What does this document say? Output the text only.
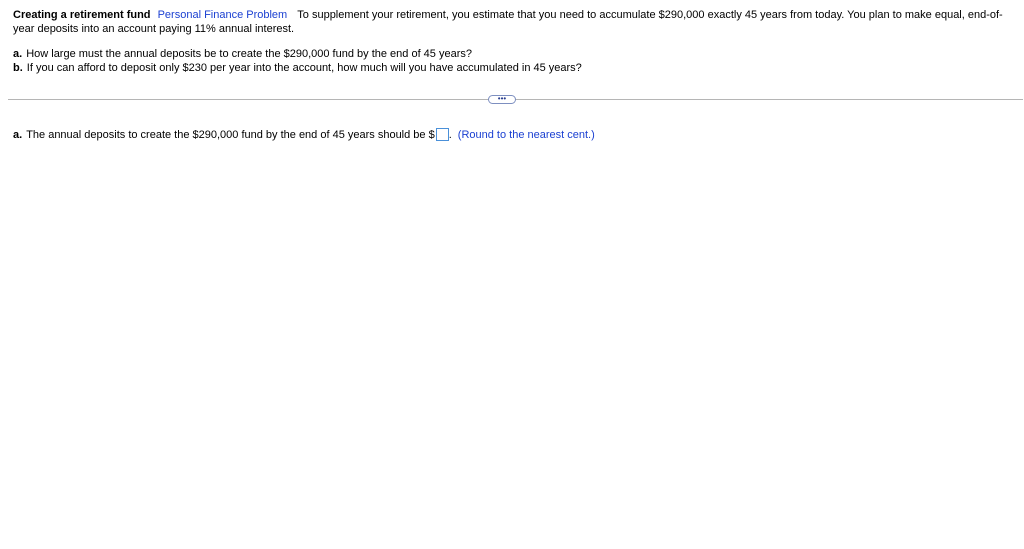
Creating a retirement fund Personal Finance Problem To supplement your retirement, you estimate that you need to accumulate $290,000 exactly 45 years from today. You plan to make equal, end-of-year deposits into an account paying 11% annual interest.
a. How large must the annual deposits be to create the $290,000 fund by the end of 45 years?
b. If you can afford to deposit only $230 per year into the account, how much will you have accumulated in 45 years?
•••
a. The annual deposits to create the $290,000 fund by the end of 45 years should be $ . (Round to the nearest cent.)
